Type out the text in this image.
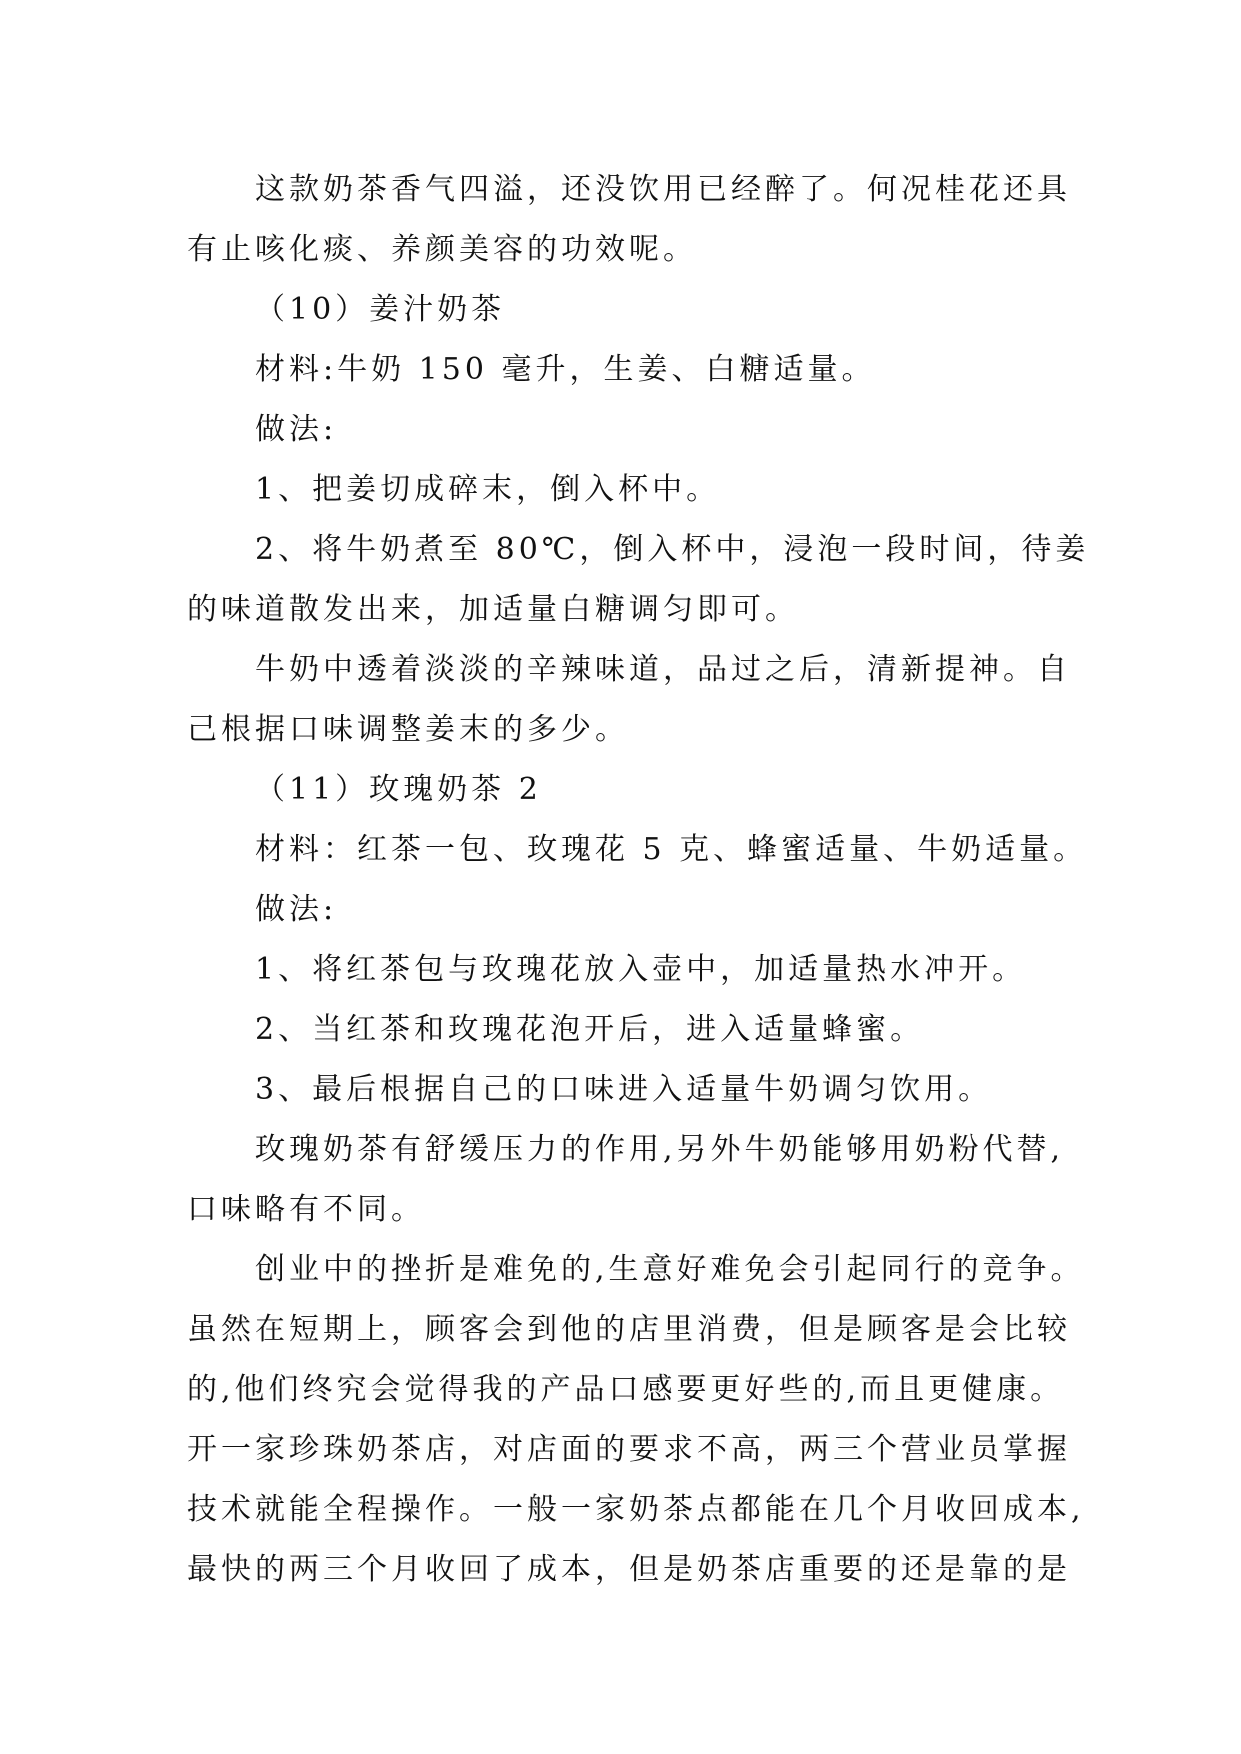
这款奶茶香气四溢，还没饮用已经醉了。何况桂花还具

有止咳化痰、养颜美容的功效呢。

（10）姜汁奶茶

材料:牛奶 150 毫升，生姜、白糖适量。

做法:

1、把姜切成碎末，倒入杯中。

2、将牛奶煮至 80℃，倒入杯中，浸泡一段时间，待姜

的味道散发出来，加适量白糖调匀即可。

牛奶中透着淡淡的辛辣味道，品过之后，清新提神。自

己根据口味调整姜末的多少。

（11）玫瑰奶茶 2

材料：红茶一包、玫瑰花 5 克、蜂蜜适量、牛奶适量。

做法:

1、将红茶包与玫瑰花放入壶中，加适量热水冲开。

2、当红茶和玫瑰花泡开后，进入适量蜂蜜。

3、最后根据自己的口味进入适量牛奶调匀饮用。

玫瑰奶茶有舒缓压力的作用,另外牛奶能够用奶粉代替,

口味略有不同。

创业中的挫折是难免的,生意好难免会引起同行的竞争。

虽然在短期上，顾客会到他的店里消费，但是顾客是会比较

的,他们终究会觉得我的产品口感要更好些的,而且更健康。

开一家珍珠奶茶店，对店面的要求不高，两三个营业员掌握

技术就能全程操作。一般一家奶茶点都能在几个月收回成本,

最快的两三个月收回了成本，但是奶茶店重要的还是靠的是
